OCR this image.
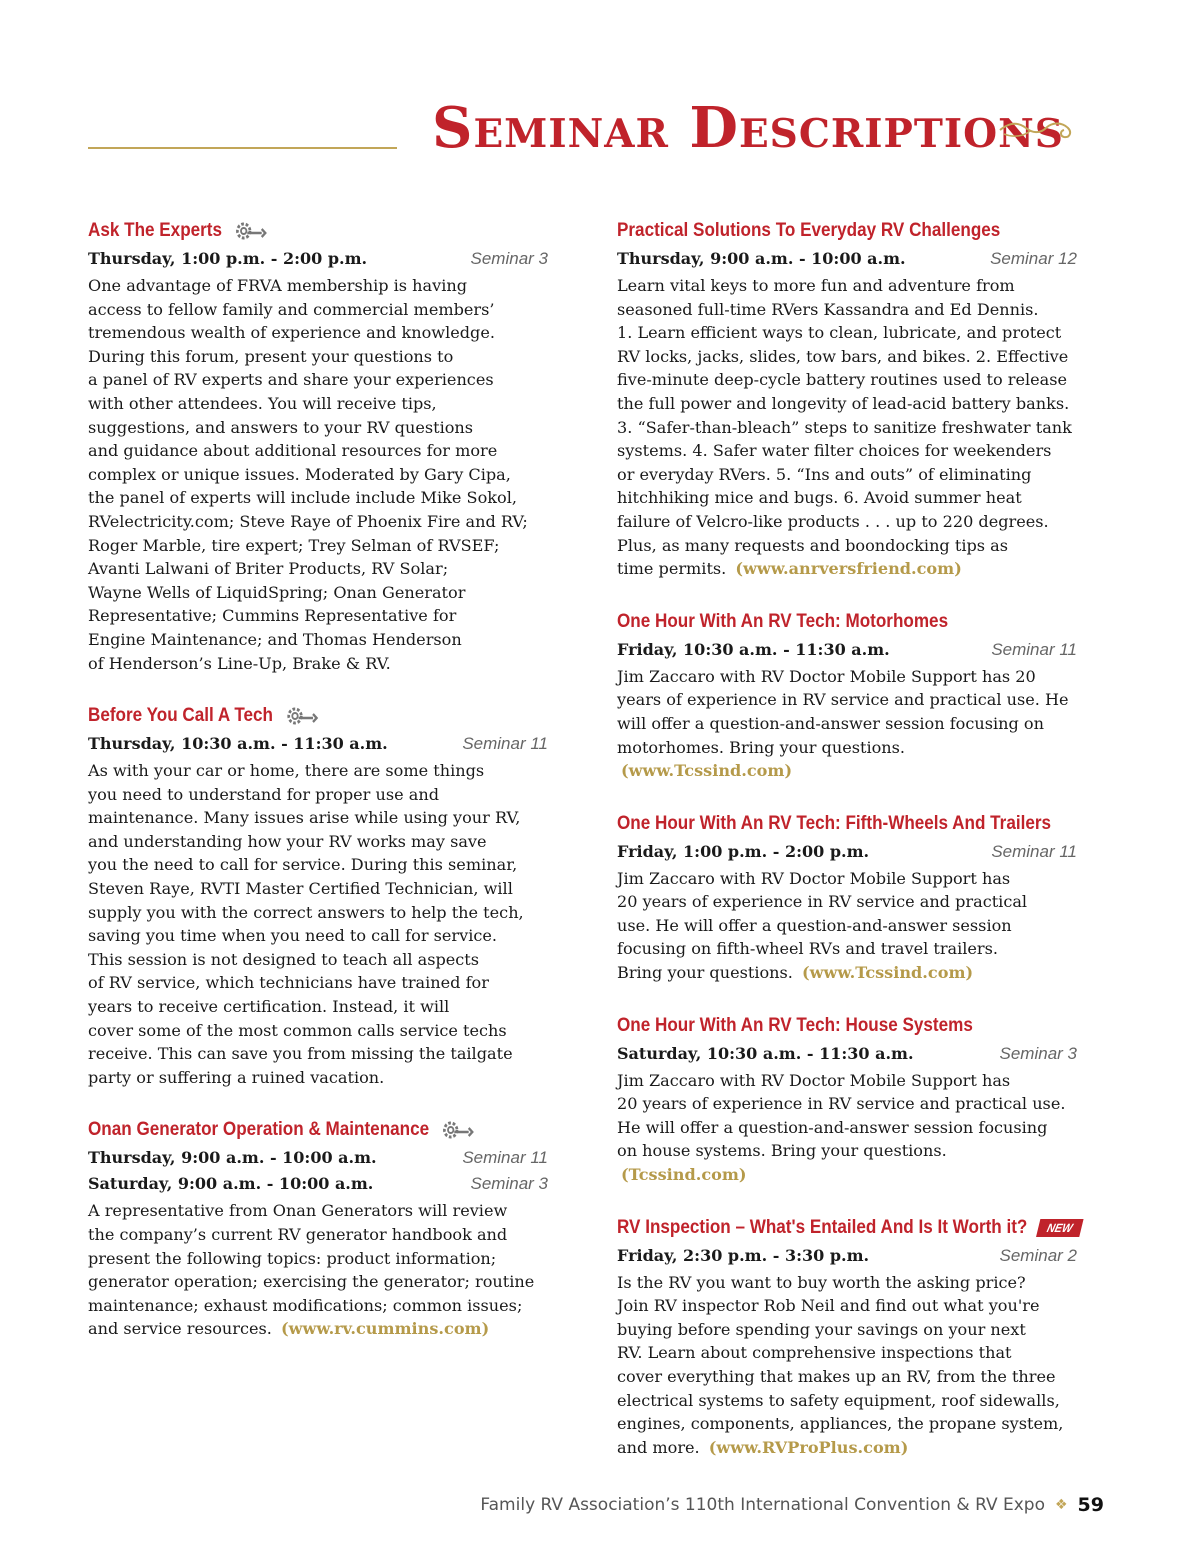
Seminar Descriptions
Ask The Experts
Thursday, 1:00 p.m. - 2:00 p.m.	Seminar 3
One advantage of FRVA membership is having
access to fellow family and commercial members’
tremendous wealth of experience and knowledge.
During this forum, present your questions to
a panel of RV experts and share your experiences
with other attendees. You will receive tips,
suggestions, and answers to your RV questions
and guidance about additional resources for more
complex or unique issues. Moderated by Gary Cipa,
the panel of experts will include include Mike Sokol,
RVelectricity.com; Steve Raye of Phoenix Fire and RV;
Roger Marble, tire expert; Trey Selman of RVSEF;
Avanti Lalwani of Briter Products, RV Solar;
Wayne Wells of LiquidSpring; Onan Generator
Representative; Cummins Representative for
Engine Maintenance; and Thomas Henderson
of Henderson’s Line-Up, Brake & RV.
Before You Call A Tech
Thursday, 10:30 a.m. - 11:30 a.m.	Seminar 11
As with your car or home, there are some things
you need to understand for proper use and
maintenance. Many issues arise while using your RV,
and understanding how your RV works may save
you the need to call for service. During this seminar,
Steven Raye, RVTI Master Certified Technician, will
supply you with the correct answers to help the tech,
saving you time when you need to call for service.
This session is not designed to teach all aspects
of RV service, which technicians have trained for
years to receive certification. Instead, it will
cover some of the most common calls service techs
receive. This can save you from missing the tailgate
party or suffering a ruined vacation.
Onan Generator Operation & Maintenance
Thursday, 9:00 a.m. - 10:00 a.m.	Seminar 11
Saturday, 9:00 a.m. - 10:00 a.m.	Seminar 3
A representative from Onan Generators will review
the company’s current RV generator handbook and
present the following topics: product information;
generator operation; exercising the generator; routine
maintenance; exhaust modifications; common issues;
and service resources. (www.rv.cummins.com)
Practical Solutions To Everyday RV Challenges
Thursday, 9:00 a.m. - 10:00 a.m.	Seminar 12
Learn vital keys to more fun and adventure from
seasoned full-time RVers Kassandra and Ed Dennis.
1. Learn efficient ways to clean, lubricate, and protect
RV locks, jacks, slides, tow bars, and bikes. 2. Effective
five-minute deep-cycle battery routines used to release
the full power and longevity of lead-acid battery banks.
3. “Safer-than-bleach” steps to sanitize freshwater tank
systems. 4. Safer water filter choices for weekenders
or everyday RVers. 5. “Ins and outs” of eliminating
hitchhiking mice and bugs. 6. Avoid summer heat
failure of Velcro-like products . . . up to 220 degrees.
Plus, as many requests and boondocking tips as
time permits. (www.anrversfriend.com)
One Hour With An RV Tech: Motorhomes
Friday, 10:30 a.m. - 11:30 a.m.	Seminar 11
Jim Zaccaro with RV Doctor Mobile Support has 20
years of experience in RV service and practical use. He
will offer a question-and-answer session focusing on
motorhomes. Bring your questions. (www.Tcssind.com)
One Hour With An RV Tech: Fifth-Wheels And Trailers
Friday, 1:00 p.m. - 2:00 p.m.	Seminar 11
Jim Zaccaro with RV Doctor Mobile Support has
20 years of experience in RV service and practical
use. He will offer a question-and-answer session
focusing on fifth-wheel RVs and travel trailers.
Bring your questions. (www.Tcssind.com)
One Hour With An RV Tech: House Systems
Saturday, 10:30 a.m. - 11:30 a.m.	Seminar 3
Jim Zaccaro with RV Doctor Mobile Support has
20 years of experience in RV service and practical use.
He will offer a question-and-answer session focusing
on house systems. Bring your questions. (Tcssind.com)
RV Inspection – What's Entailed And Is It Worth it?	NEW
Friday, 2:30 p.m. - 3:30 p.m.	Seminar 2
Is the RV you want to buy worth the asking price?
Join RV inspector Rob Neil and find out what you're
buying before spending your savings on your next
RV. Learn about comprehensive inspections that
cover everything that makes up an RV, from the three
electrical systems to safety equipment, roof sidewalls,
engines, components, appliances, the propane system,
and more. (www.RVProPlus.com)
Family RV Association’s 110th International Convention & RV Expo ❖ 59
